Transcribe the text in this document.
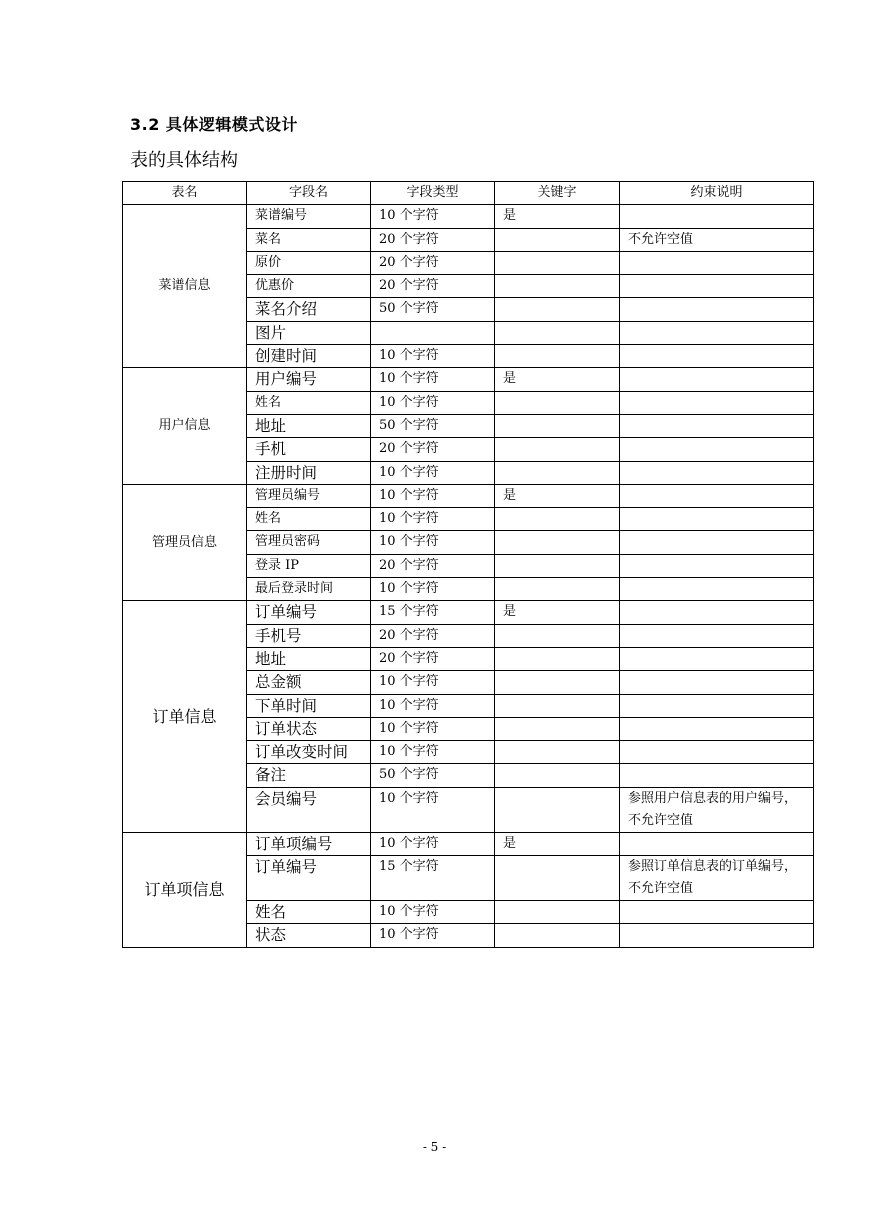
3.2 具体逻辑模式设计
表的具体结构
表名	字段名	字段类型	关键字	约束说明
菜谱信息	菜谱编号	10 个字符	是	
	菜名	20 个字符		不允许空值
	原价	20 个字符		
	优惠价	20 个字符		
	菜名介绍	50 个字符		
	图片			
	创建时间	10 个字符		
用户信息	用户编号	10 个字符	是	
	姓名	10 个字符		
	地址	50 个字符		
	手机	20 个字符		
	注册时间	10 个字符		
管理员信息	管理员编号	10 个字符	是	
	姓名	10 个字符		
	管理员密码	10 个字符		
	登录 IP	20 个字符		
	最后登录时间	10 个字符		
订单信息	订单编号	15 个字符	是	
	手机号	20 个字符		
	地址	20 个字符		
	总金额	10 个字符		
	下单时间	10 个字符		
	订单状态	10 个字符		
	订单改变时间	10 个字符		
	备注	50 个字符		
	会员编号	10 个字符		参照用户信息表的用户编号，不允许空值
订单项信息	订单项编号	10 个字符	是	
	订单编号	15 个字符		参照订单信息表的订单编号，不允许空值
	姓名	10 个字符		
	状态	10 个字符		
- 5 -
